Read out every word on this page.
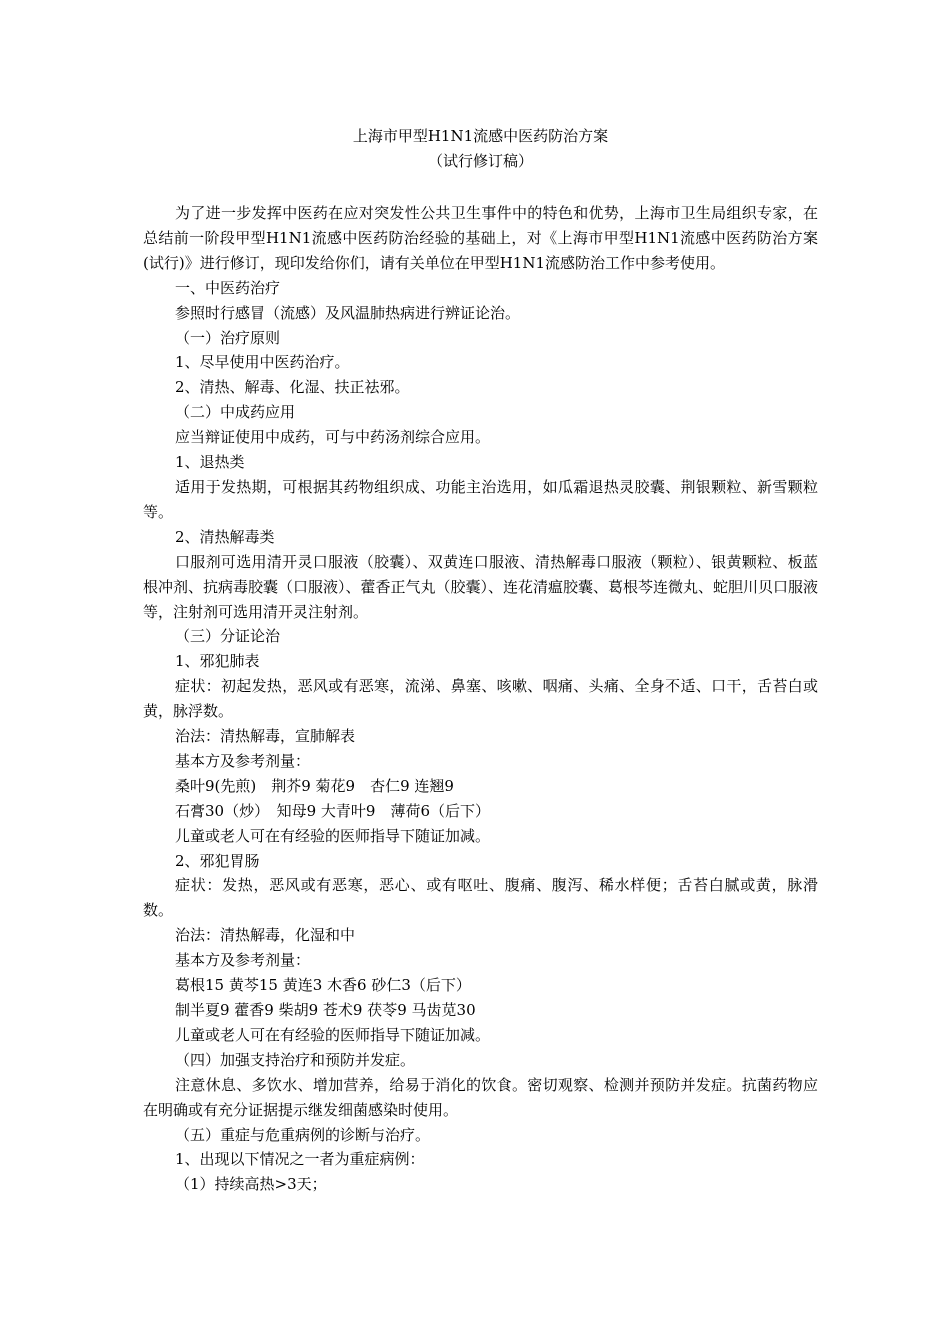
上海市甲型H1N1流感中医药防治方案

（试行修订稿）

为了进一步发挥中医药在应对突发性公共卫生事件中的特色和优势，上海市卫生局组织专家，在总结前一阶段甲型H1N1流感中医药防治经验的基础上，对《上海市甲型H1N1流感中医药防治方案(试行)》进行修订，现印发给你们，请有关单位在甲型H1N1流感防治工作中参考使用。

一、中医药治疗

参照时行感冒（流感）及风温肺热病进行辨证论治。

（一）治疗原则

1、尽早使用中医药治疗。

2、清热、解毒、化湿、扶正祛邪。

（二）中成药应用

应当辩证使用中成药，可与中药汤剂综合应用。

1、退热类

适用于发热期，可根据其药物组织成、功能主治选用，如瓜霜退热灵胶囊、荆银颗粒、新雪颗粒等。

2、清热解毒类

口服剂可选用清开灵口服液（胶囊）、双黄连口服液、清热解毒口服液（颗粒）、银黄颗粒、板蓝根冲剂、抗病毒胶囊（口服液）、藿香正气丸（胶囊）、连花清瘟胶囊、葛根芩连微丸、蛇胆川贝口服液等，注射剂可选用清开灵注射剂。

（三）分证论治

1、邪犯肺表

症状：初起发热，恶风或有恶寒，流涕、鼻塞、咳嗽、咽痛、头痛、全身不适、口干，舌苔白或黄，脉浮数。

治法：清热解毒，宣肺解表

基本方及参考剂量：

桑叶9(先煎)　荆芥9 菊花9　杏仁9 连翘9

石膏30（炒）　知母9 大青叶9　薄荷6（后下）

儿童或老人可在有经验的医师指导下随证加减。

2、邪犯胃肠

症状：发热，恶风或有恶寒，恶心、或有呕吐、腹痛、腹泻、稀水样便；舌苔白腻或黄，脉滑数。

治法：清热解毒，化湿和中

基本方及参考剂量：

葛根15 黄芩15 黄连3 木香6 砂仁3（后下）

制半夏9 藿香9 柴胡9 苍术9 茯苓9 马齿苋30

儿童或老人可在有经验的医师指导下随证加减。

（四）加强支持治疗和预防并发症。

注意休息、多饮水、增加营养，给易于消化的饮食。密切观察、检测并预防并发症。抗菌药物应在明确或有充分证据提示继发细菌感染时使用。

（五）重症与危重病例的诊断与治疗。

1、出现以下情况之一者为重症病例：

（1）持续高热>3天；
